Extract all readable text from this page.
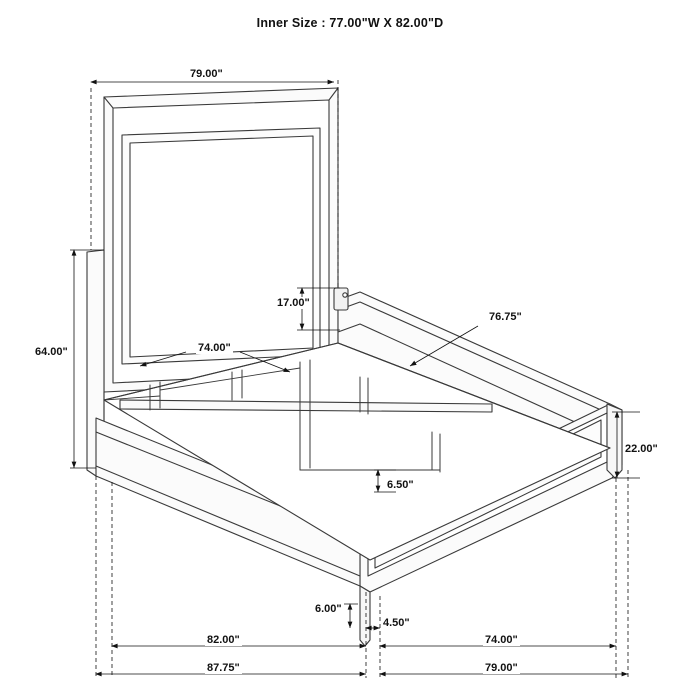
Inner Size : 77.00"W X 82.00"D
79.00"
64.00"
17.00"
74.00"
76.75"
22.00"
6.50"
6.00"
4.50"
82.00"	74.00"
87.75"	79.00"
